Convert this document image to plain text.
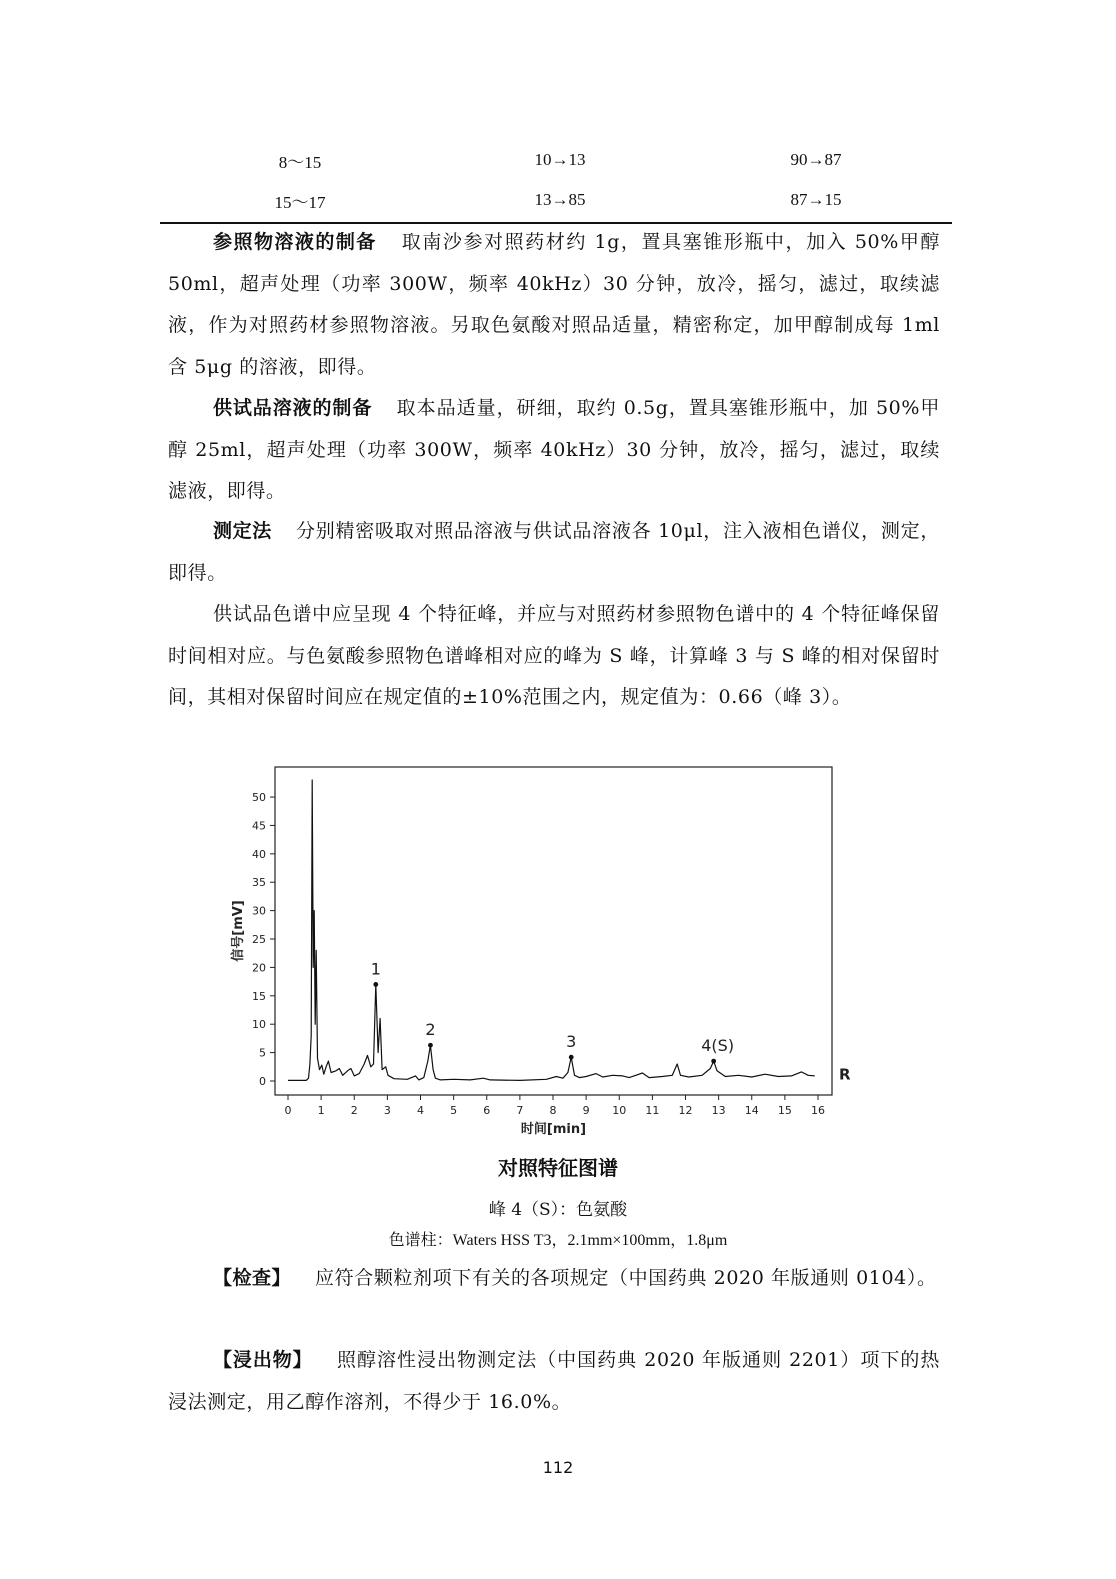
8～15	10→13	90→87
15～17	13→85	87→15
参照物溶液的制备 取南沙参对照药材约 1g，置具塞锥形瓶中，加入 50%甲醇 50ml，超声处理（功率 300W，频率 40kHz）30 分钟，放冷，摇匀，滤过，取续滤液，作为对照药材参照物溶液。另取色氨酸对照品适量，精密称定，加甲醇制成每 1ml 含 5μg 的溶液，即得。
供试品溶液的制备 取本品适量，研细，取约 0.5g，置具塞锥形瓶中，加 50%甲醇 25ml，超声处理（功率 300W，频率 40kHz）30 分钟，放冷，摇匀，滤过，取续滤液，即得。
测定法 分别精密吸取对照品溶液与供试品溶液各 10μl，注入液相色谱仪，测定，即得。
供试品色谱中应呈现 4 个特征峰，并应与对照药材参照物色谱中的 4 个特征峰保留时间相对应。与色氨酸参照物色谱峰相对应的峰为 S 峰，计算峰 3 与 S 峰的相对保留时间，其相对保留时间应在规定值的±10%范围之内，规定值为：0.66（峰 3）。
0 1 2 3 4 5 6 7 8 9 10 11 12 13 14 15 16
0
5
10
15
20
25
30
35
40
45
50
时间[min]
信号[mV]
1
2
3	4(S)
R
对照特征图谱
峰 4（S）：色氨酸
色谱柱：Waters HSS T3，2.1mm×100mm，1.8μm
【检查】 应符合颗粒剂项下有关的各项规定（中国药典 2020 年版通则 0104）。
【浸出物】 照醇溶性浸出物测定法（中国药典 2020 年版通则 2201）项下的热浸法测定，用乙醇作溶剂，不得少于 16.0%。
112
